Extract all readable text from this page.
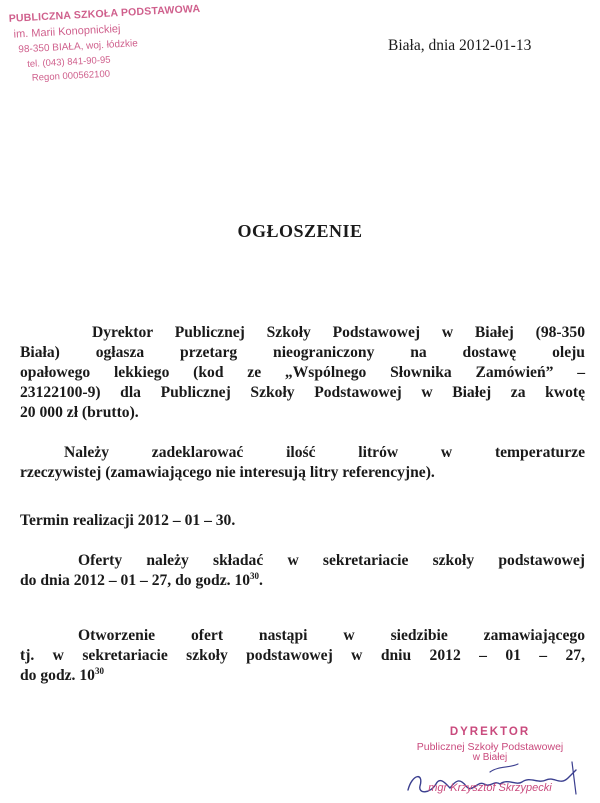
PUBLICZNA SZKOŁA PODSTAWOWA
im. Marii Konopnickiej
98-350 BIAŁA, woj. łódzkie
tel. (043) 841-90-95
Regon 000562100
Biała, dnia 2012-01-13
OGŁOSZENIE
Dyrektor Publicznej Szkoły Podstawowej w Białej (98-350
Biała) ogłasza przetarg nieograniczony na dostawę oleju
opałowego lekkiego (kod ze „Wspólnego Słownika Zamówień” –
23122100-9) dla Publicznej Szkoły Podstawowej w Białej za kwotę
20 000 zł (brutto).
Należy zadeklarować ilość litrów w temperaturze
rzeczywistej (zamawiającego nie interesują litry referencyjne).
Termin realizacji 2012 – 01 – 30.
Oferty należy składać w sekretariacie szkoły podstawowej
do dnia 2012 – 01 – 27, do godz. $10^{30}$.
Otworzenie ofert nastąpi w siedzibie zamawiającego
tj. w sekretariacie szkoły podstawowej w dniu 2012 – 01 – 27,
do godz. $10^{30}$
DYREKTOR
Publicznej Szkoły Podstawowej
w Białej
mgr Krzysztof Skrzypecki
